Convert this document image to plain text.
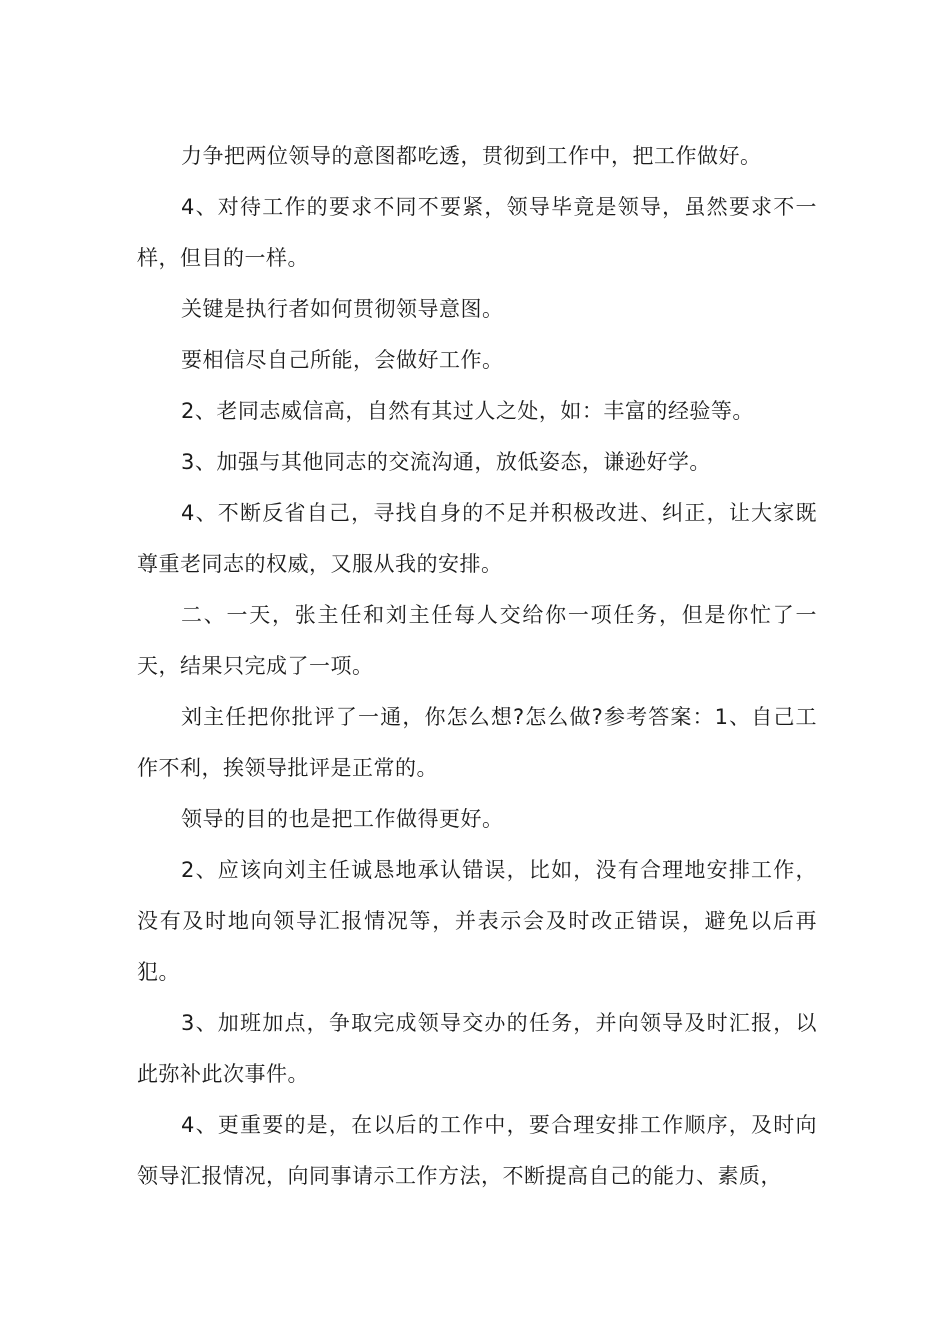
力争把两位领导的意图都吃透，贯彻到工作中，把工作做好。

4、对待工作的要求不同不要紧，领导毕竟是领导，虽然要求不一样，但目的一样。

关键是执行者如何贯彻领导意图。

要相信尽自己所能，会做好工作。

2、老同志威信高，自然有其过人之处，如：丰富的经验等。

3、加强与其他同志的交流沟通，放低姿态，谦逊好学。

4、不断反省自己，寻找自身的不足并积极改进、纠正，让大家既尊重老同志的权威，又服从我的安排。

二、一天，张主任和刘主任每人交给你一项任务，但是你忙了一天，结果只完成了一项。

刘主任把你批评了一通，你怎么想?怎么做?参考答案：1、自己工作不利，挨领导批评是正常的。

领导的目的也是把工作做得更好。

2、应该向刘主任诚恳地承认错误，比如，没有合理地安排工作，没有及时地向领导汇报情况等，并表示会及时改正错误，避免以后再犯。

3、加班加点，争取完成领导交办的任务，并向领导及时汇报，以此弥补此次事件。

4、更重要的是，在以后的工作中，要合理安排工作顺序，及时向领导汇报情况，向同事请示工作方法，不断提高自己的能力、素质，
